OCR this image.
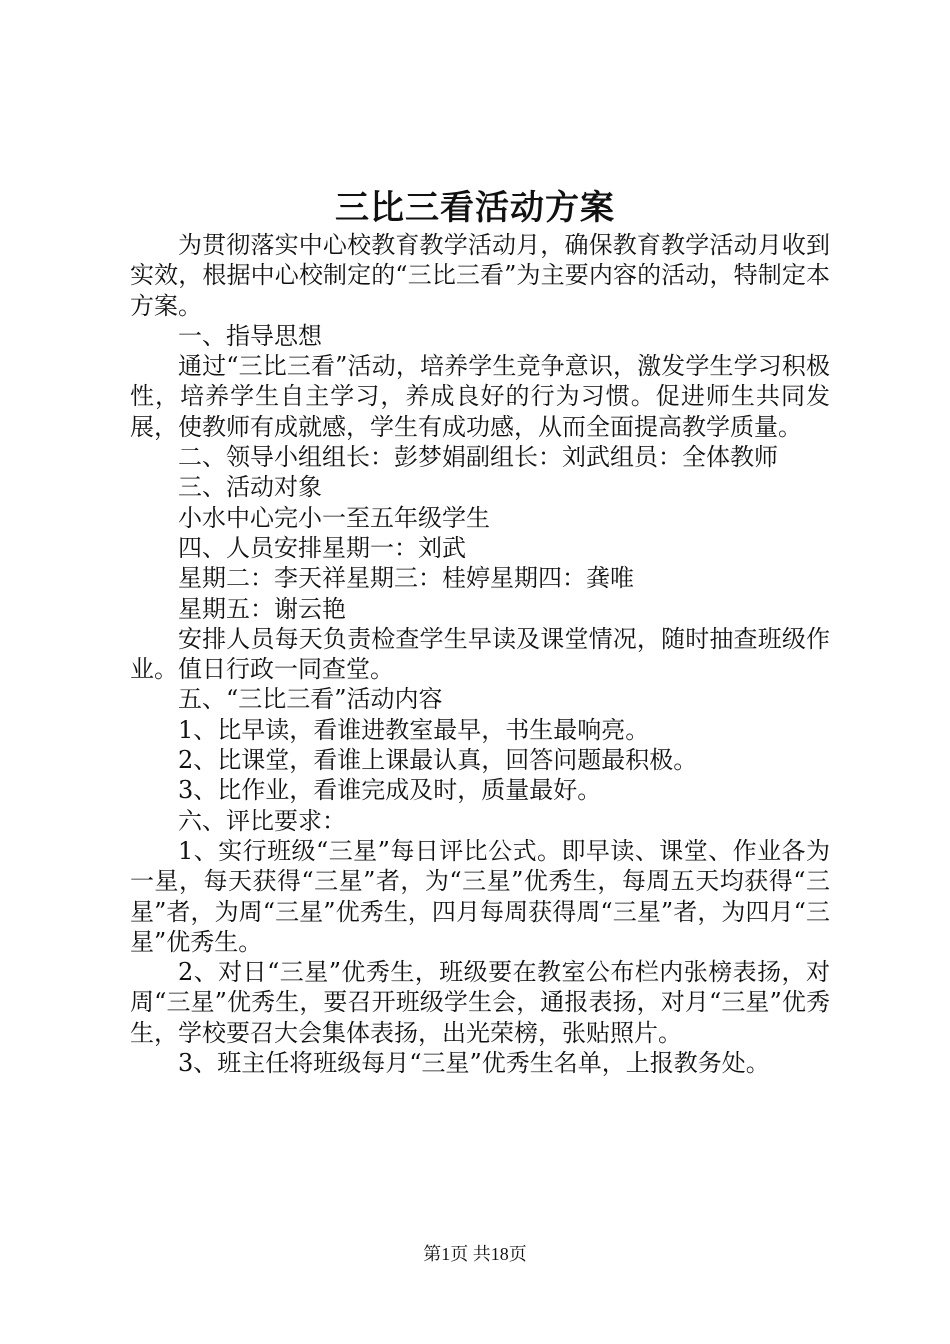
三比三看活动方案

为贯彻落实中心校教育教学活动月，确保教育教学活动月收到实效，根据中心校制定的“三比三看”为主要内容的活动，特制定本方案。

一、指导思想

通过“三比三看”活动，培养学生竞争意识，激发学生学习积极性，培养学生自主学习，养成良好的行为习惯。促进师生共同发展，使教师有成就感，学生有成功感，从而全面提高教学质量。

二、领导小组组长：彭梦娟副组长：刘武组员：全体教师

三、活动对象

小水中心完小一至五年级学生

四、人员安排星期一：刘武

星期二：李天祥星期三：桂婷星期四：龚唯

星期五：谢云艳

安排人员每天负责检查学生早读及课堂情况，随时抽查班级作业。值日行政一同查堂。

五、“三比三看”活动内容

1、比早读，看谁进教室最早，书生最响亮。

2、比课堂，看谁上课最认真，回答问题最积极。

3、比作业，看谁完成及时，质量最好。

六、评比要求：

1、实行班级“三星”每日评比公式。即早读、课堂、作业各为一星，每天获得“三星”者，为“三星”优秀生，每周五天均获得“三星”者，为周“三星”优秀生，四月每周获得周“三星”者，为四月“三星”优秀生。

2、对日“三星”优秀生，班级要在教室公布栏内张榜表扬，对周“三星”优秀生，要召开班级学生会，通报表扬，对月“三星”优秀生，学校要召大会集体表扬，出光荣榜，张贴照片。

3、班主任将班级每月“三星”优秀生名单，上报教务处。

第1页 共18页
